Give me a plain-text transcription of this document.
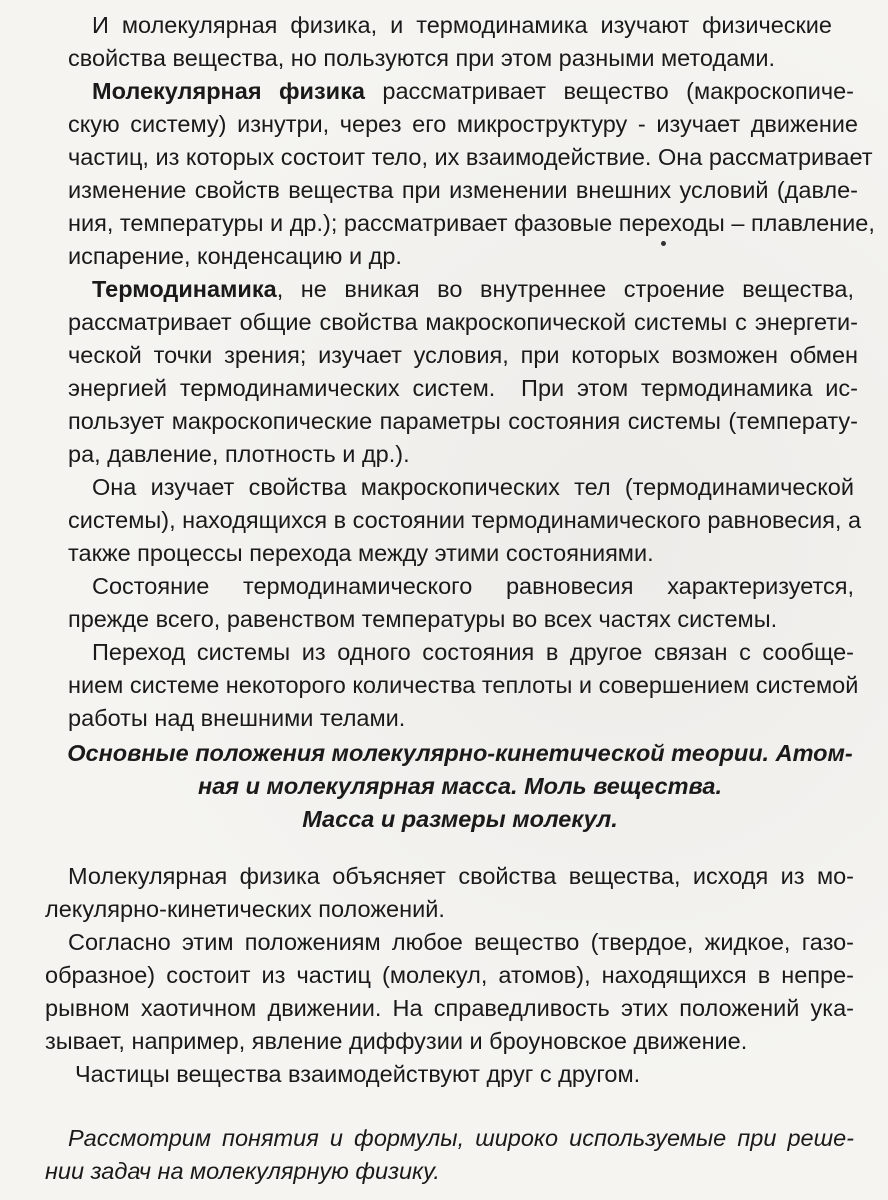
И молекулярная физика, и термодинамика изучают физические
свойства вещества, но пользуются при этом разными методами.
Молекулярная физика рассматривает вещество (макроскопиче-
скую систему) изнутри, через его микроструктуру - изучает движение
частиц, из которых состоит тело, их взаимодействие. Она рассматривает
изменение свойств вещества при изменении внешних условий (давле-
ния, температуры и др.); рассматривает фазовые переходы – плавление,
испарение, конденсацию и др.
Термодинамика, не вникая во внутреннее строение вещества,
рассматривает общие свойства макроскопической системы с энергети-
ческой точки зрения; изучает условия, при которых возможен обмен
энергией термодинамических систем.  При этом термодинамика ис-
пользует макроскопические параметры состояния системы (температу-
ра, давление, плотность и др.).
Она изучает свойства макроскопических тел (термодинамической
системы), находящихся в состоянии термодинамического равновесия, а
также процессы перехода между этими состояниями.
Состояние термодинамического равновесия характеризуется,
прежде всего, равенством температуры во всех частях системы.
Переход системы из одного состояния в другое связан с сообще-
нием системе некоторого количества теплоты и совершением системой
работы над внешними телами.
Основные положения молекулярно-кинетической теории. Атом-
ная и молекулярная масса. Моль вещества.
Масса и размеры молекул.
Молекулярная физика объясняет свойства вещества, исходя из мо-
лекулярно-кинетических положений.
Согласно этим положениям любое вещество (твердое, жидкое, газо-
образное) состоит из частиц (молекул, атомов), находящихся в непре-
рывном хаотичном движении. На справедливость этих положений ука-
зывает, например, явление диффузии и броуновское движение.
Частицы вещества взаимодействуют друг с другом.
Рассмотрим понятия и формулы, широко используемые при решe-
нии задач на молекулярную физику.
